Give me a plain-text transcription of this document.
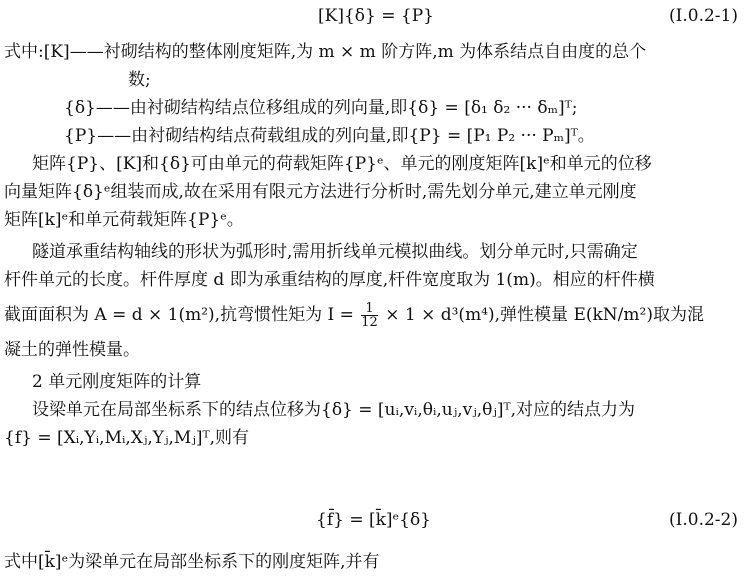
[K]{δ} = {P}	(I.0.2-1)
式中:[K]——衬砌结构的整体刚度矩阵,为 m × m 阶方阵,m 为体系结点自由度的总个
数;
{δ}——由衬砌结构结点位移组成的列向量,即{δ} = [δ₁ δ₂ ··· δₘ]ᵀ;
{P}——由衬砌结构结点荷载组成的列向量,即{P} = [P₁ P₂ ··· Pₘ]ᵀ。
矩阵{P}、[K]和{δ}可由单元的荷载矩阵{P}ᵉ、单元的刚度矩阵[k]ᵉ和单元的位移
向量矩阵{δ}ᵉ组装而成,故在采用有限元方法进行分析时,需先划分单元,建立单元刚度
矩阵[k]ᵉ和单元荷载矩阵{P}ᵉ。
隧道承重结构轴线的形状为弧形时,需用折线单元模拟曲线。划分单元时,只需确定
杆件单元的长度。杆件厚度 d 即为承重结构的厚度,杆件宽度取为 1(m)。相应的杆件横
截面面积为 A = d × 1(m²),抗弯惯性矩为 $I = \frac{1}{12} \times 1 \times d^3(m^4)$,弹性模量 E(kN/m²)取为混
凝土的弹性模量。
2 单元刚度矩阵的计算
设梁单元在局部坐标系下的结点位移为{δ} = [uᵢ,vᵢ,θᵢ,uⱼ,vⱼ,θⱼ]ᵀ,对应的结点力为
{f} = [Xᵢ,Yᵢ,Mᵢ,Xⱼ,Yⱼ,Mⱼ]ᵀ,则有
{f̄} = [k̄]ᵉ{δ}	(I.0.2-2)
式中[k̄]ᵉ为梁单元在局部坐标系下的刚度矩阵,并有
